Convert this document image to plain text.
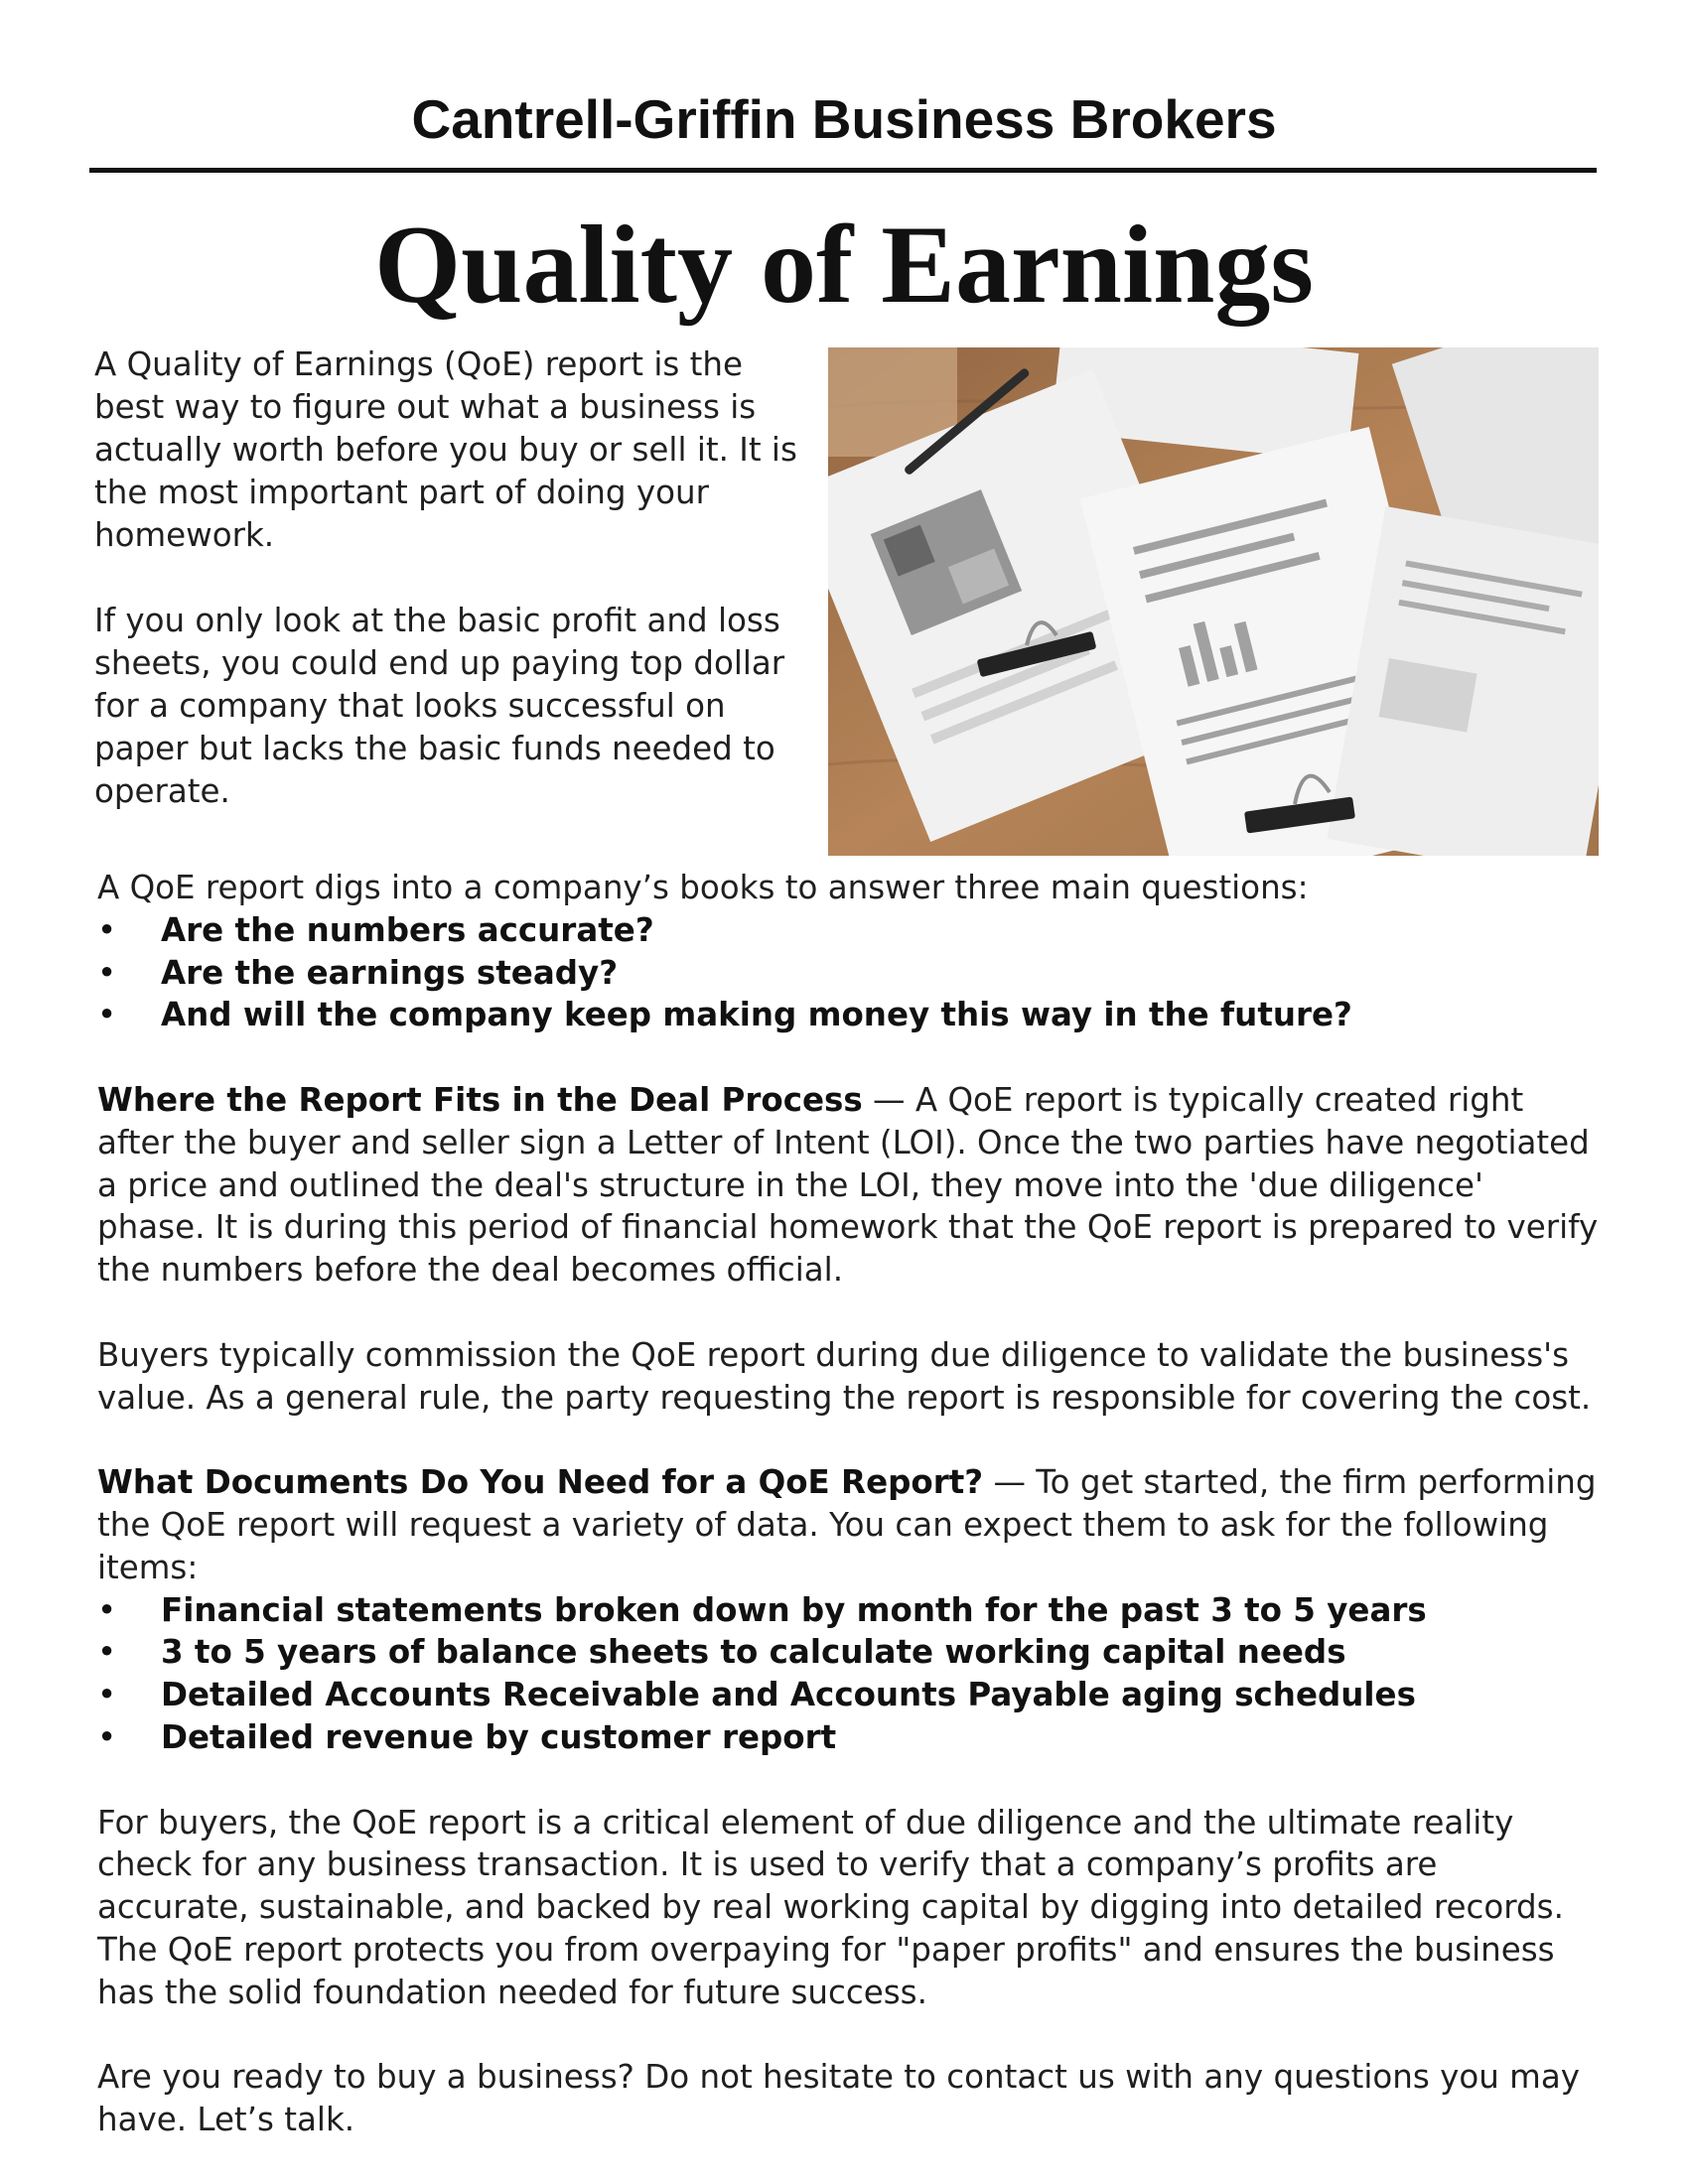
Cantrell-Griffin Business Brokers
Quality of Earnings

A Quality of Earnings (QoE) report is the best way to figure out what a business is actually worth before you buy or sell it. It is the most important part of doing your homework.

If you only look at the basic profit and loss sheets, you could end up paying top dollar for a company that looks successful on paper but lacks the basic funds needed to operate.

A QoE report digs into a company’s books to answer three main questions:

• Are the numbers accurate?
• Are the earnings steady?
• And will the company keep making money this way in the future?

Where the Report Fits in the Deal Process — A QoE report is typically created right after the buyer and seller sign a Letter of Intent (LOI). Once the two parties have negotiated a price and outlined the deal's structure in the LOI, they move into the 'due diligence' phase. It is during this period of financial homework that the QoE report is prepared to verify the numbers before the deal becomes official.

Buyers typically commission the QoE report during due diligence to validate the business's value. As a general rule, the party requesting the report is responsible for covering the cost.

What Documents Do You Need for a QoE Report? — To get started, the firm performing the QoE report will request a variety of data. You can expect them to ask for the following items:

• Financial statements broken down by month for the past 3 to 5 years
• 3 to 5 years of balance sheets to calculate working capital needs
• Detailed Accounts Receivable and Accounts Payable aging schedules
• Detailed revenue by customer report

For buyers, the QoE report is a critical element of due diligence and the ultimate reality check for any business transaction. It is used to verify that a company’s profits are accurate, sustainable, and backed by real working capital by digging into detailed records. The QoE report protects you from overpaying for "paper profits" and ensures the business has the solid foundation needed for future success.

Are you ready to buy a business? Do not hesitate to contact us with any questions you may have. Let’s talk.
